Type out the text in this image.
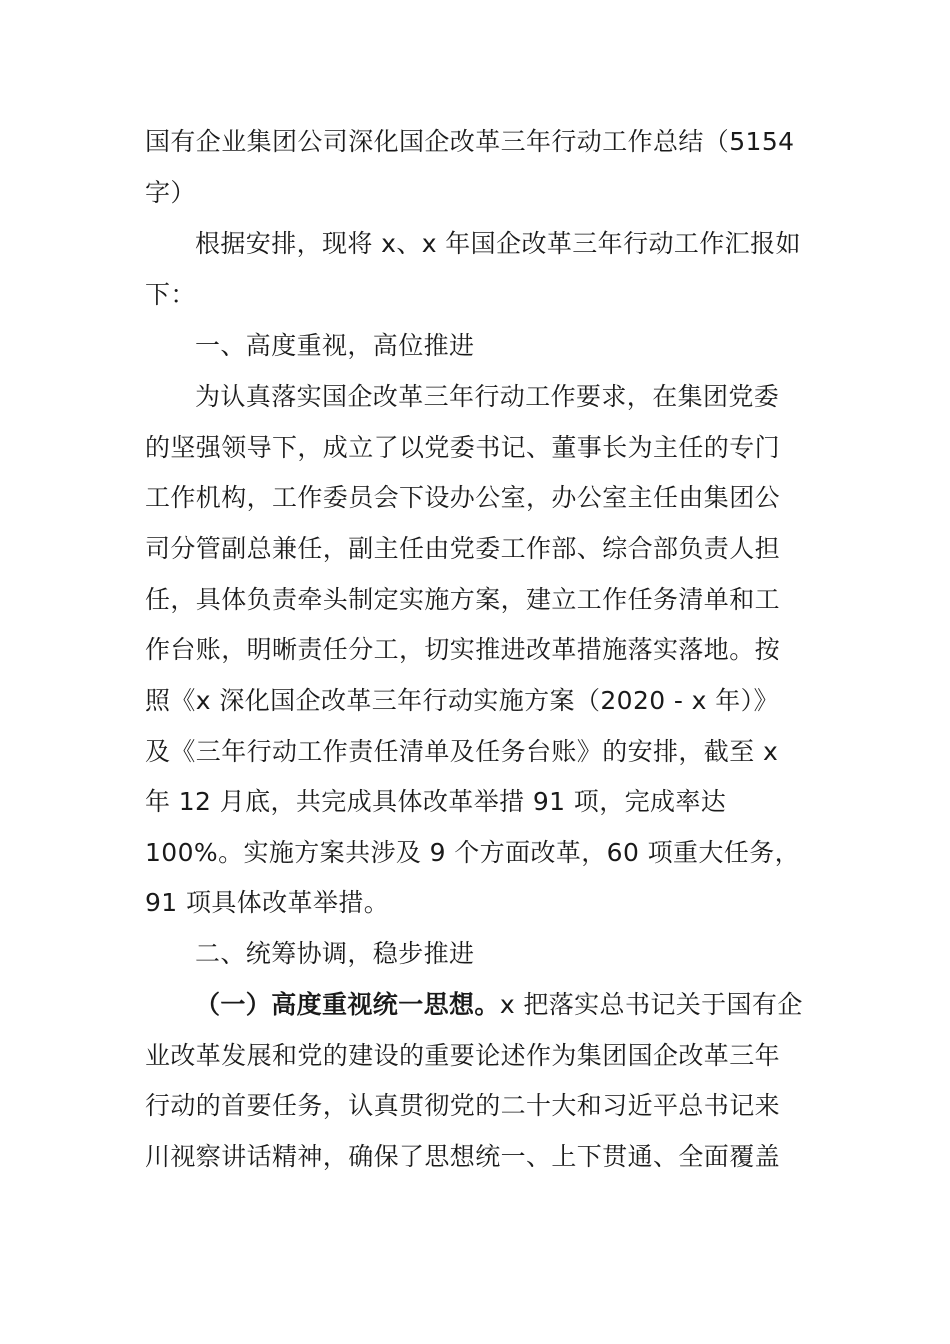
国有企业集团公司深化国企改革三年行动工作总结（5154
字）
根据安排，现将 x、x 年国企改革三年行动工作汇报如
下：
一、高度重视，高位推进
为认真落实国企改革三年行动工作要求，在集团党委
的坚强领导下，成立了以党委书记、董事长为主任的专门
工作机构，工作委员会下设办公室，办公室主任由集团公
司分管副总兼任，副主任由党委工作部、综合部负责人担
任，具体负责牵头制定实施方案，建立工作任务清单和工
作台账，明晰责任分工，切实推进改革措施落实落地。按
照《x 深化国企改革三年行动实施方案（2020 - x 年）》
及《三年行动工作责任清单及任务台账》的安排，截至 x
年 12 月底，共完成具体改革举措 91 项，完成率达
100%。实施方案共涉及 9 个方面改革，60 项重大任务，
91 项具体改革举措。
二、统筹协调，稳步推进
（一）高度重视统一思想。x 把落实总书记关于国有企
业改革发展和党的建设的重要论述作为集团国企改革三年
行动的首要任务，认真贯彻党的二十大和习近平总书记来
川视察讲话精神，确保了思想统一、上下贯通、全面覆盖
